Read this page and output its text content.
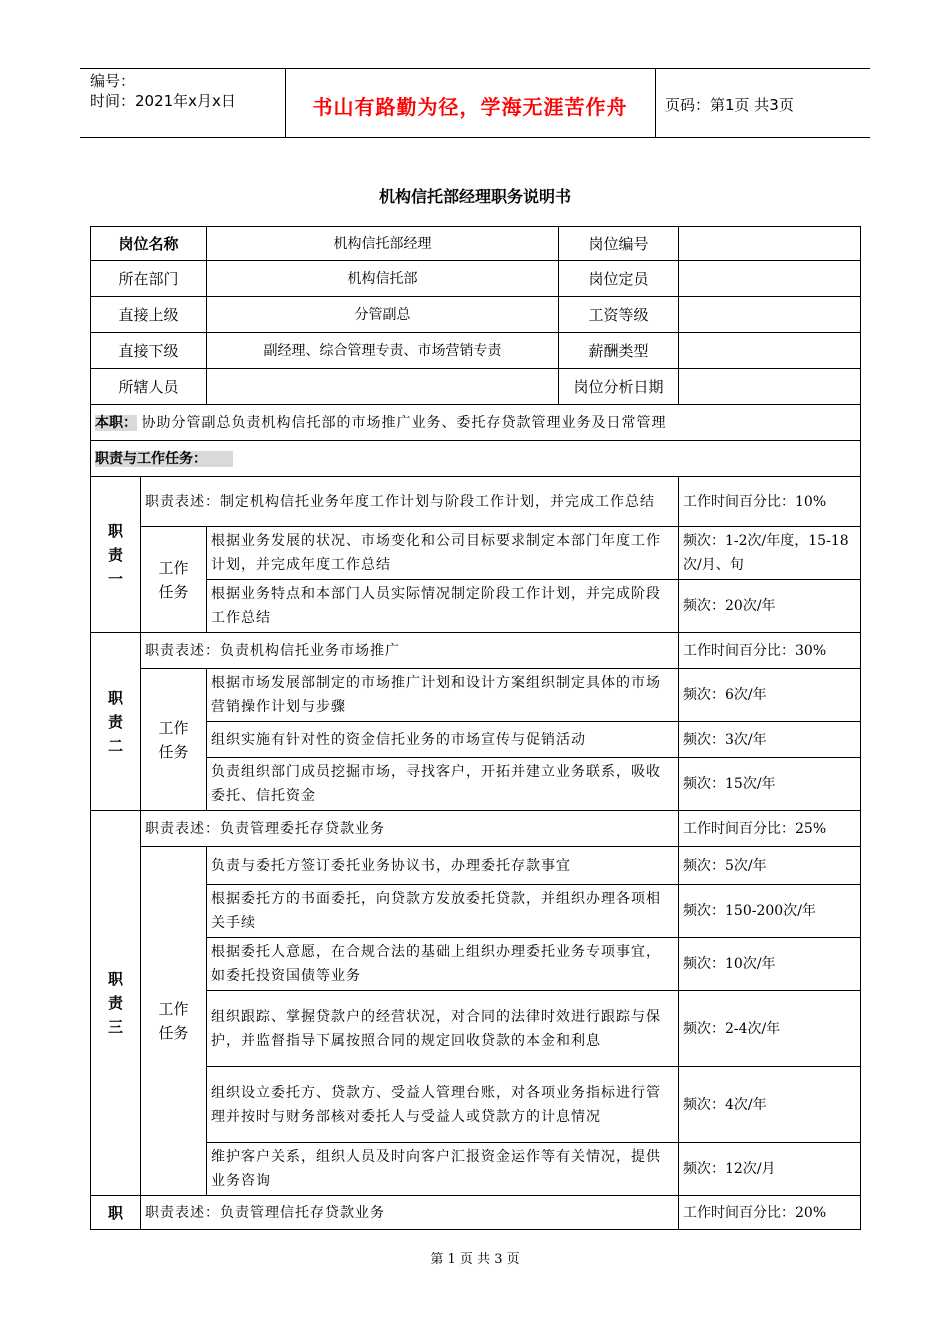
编号：
时间：2021年x月x日	书山有路勤为径，学海无涯苦作舟	页码：第1页 共3页
机构信托部经理职务说明书
岗位名称		机构信托部经理	岗位编号	
所在部门		机构信托部	岗位定员	
直接上级		分管副总	工资等级	
直接下级		副经理、综合管理专责、市场营销专责	薪酬类型	
所辖人员			岗位分析日期	
本职： 协助分管副总负责机构信托部的市场推广业务、委托存贷款管理业务及日常管理				
职责与工作任务：				
职
责
一	职责表述：制定机构信托业务年度工作计划与阶段工作计划，并完成工作总结			工作时间百分比：10%
	工作
任务	根据业务发展的状况、市场变化和公司目标要求制定本部门年度工作计划，并完成年度工作总结		频次：1-2次/年度，15-18次/月、旬
		根据业务特点和本部门人员实际情况制定阶段工作计划，并完成阶段工作总结		频次：20次/年
职
责
二	职责表述：负责机构信托业务市场推广			工作时间百分比：30%
	工作
任务	根据市场发展部制定的市场推广计划和设计方案组织制定具体的市场营销操作计划与步骤		频次：6次/年
		组织实施有针对性的资金信托业务的市场宣传与促销活动		频次：3次/年
		负责组织部门成员挖掘市场，寻找客户，开拓并建立业务联系，吸收委托、信托资金		频次：15次/年
职
责
三	职责表述：负责管理委托存贷款业务			工作时间百分比：25%
	工作
任务	负责与委托方签订委托业务协议书，办理委托存款事宜		频次：5次/年
		根据委托方的书面委托，向贷款方发放委托贷款，并组织办理各项相关手续		频次：150-200次/年
		根据委托人意愿，在合规合法的基础上组织办理委托业务专项事宜，如委托投资国债等业务		频次：10次/年
		组织跟踪、掌握贷款户的经营状况，对合同的法律时效进行跟踪与保护，并监督指导下属按照合同的规定回收贷款的本金和利息		频次：2-4次/年
		组织设立委托方、贷款方、受益人管理台账，对各项业务指标进行管理并按时与财务部核对委托人与受益人或贷款方的计息情况		频次：4次/年
		维护客户关系，组织人员及时向客户汇报资金运作等有关情况，提供业务咨询		频次：12次/月
职	职责表述：负责管理信托存贷款业务			工作时间百分比：20%
第 1 页 共 3 页
